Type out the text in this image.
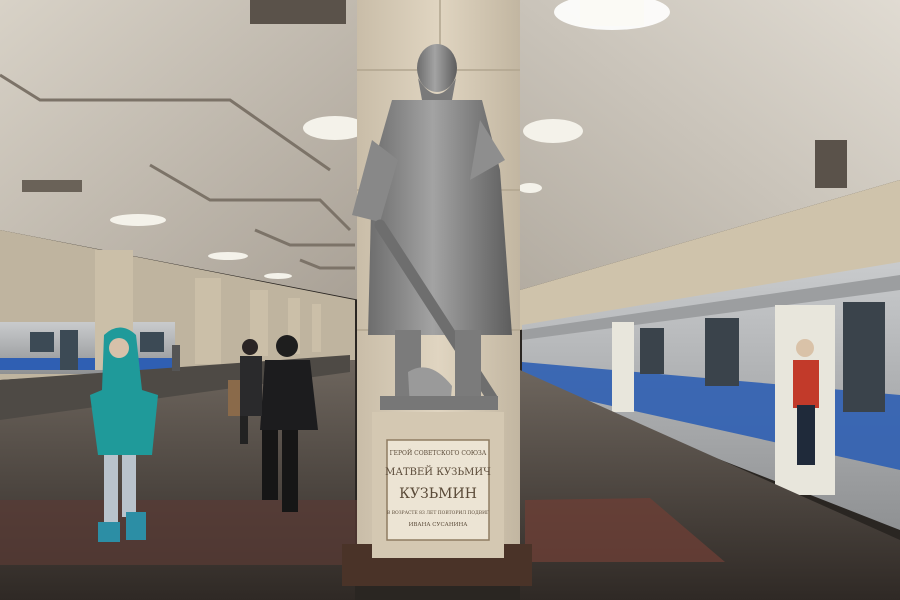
ГЕРОЙ СОВЕТСКОГО СОЮЗА
МАТВЕЙ КУЗЬМИЧ
КУЗЬМИН
В ВОЗРАСТЕ 83 ЛЕТ ПОВТОРИЛ ПОДВИГ
ИВАНА СУСАНИНА
